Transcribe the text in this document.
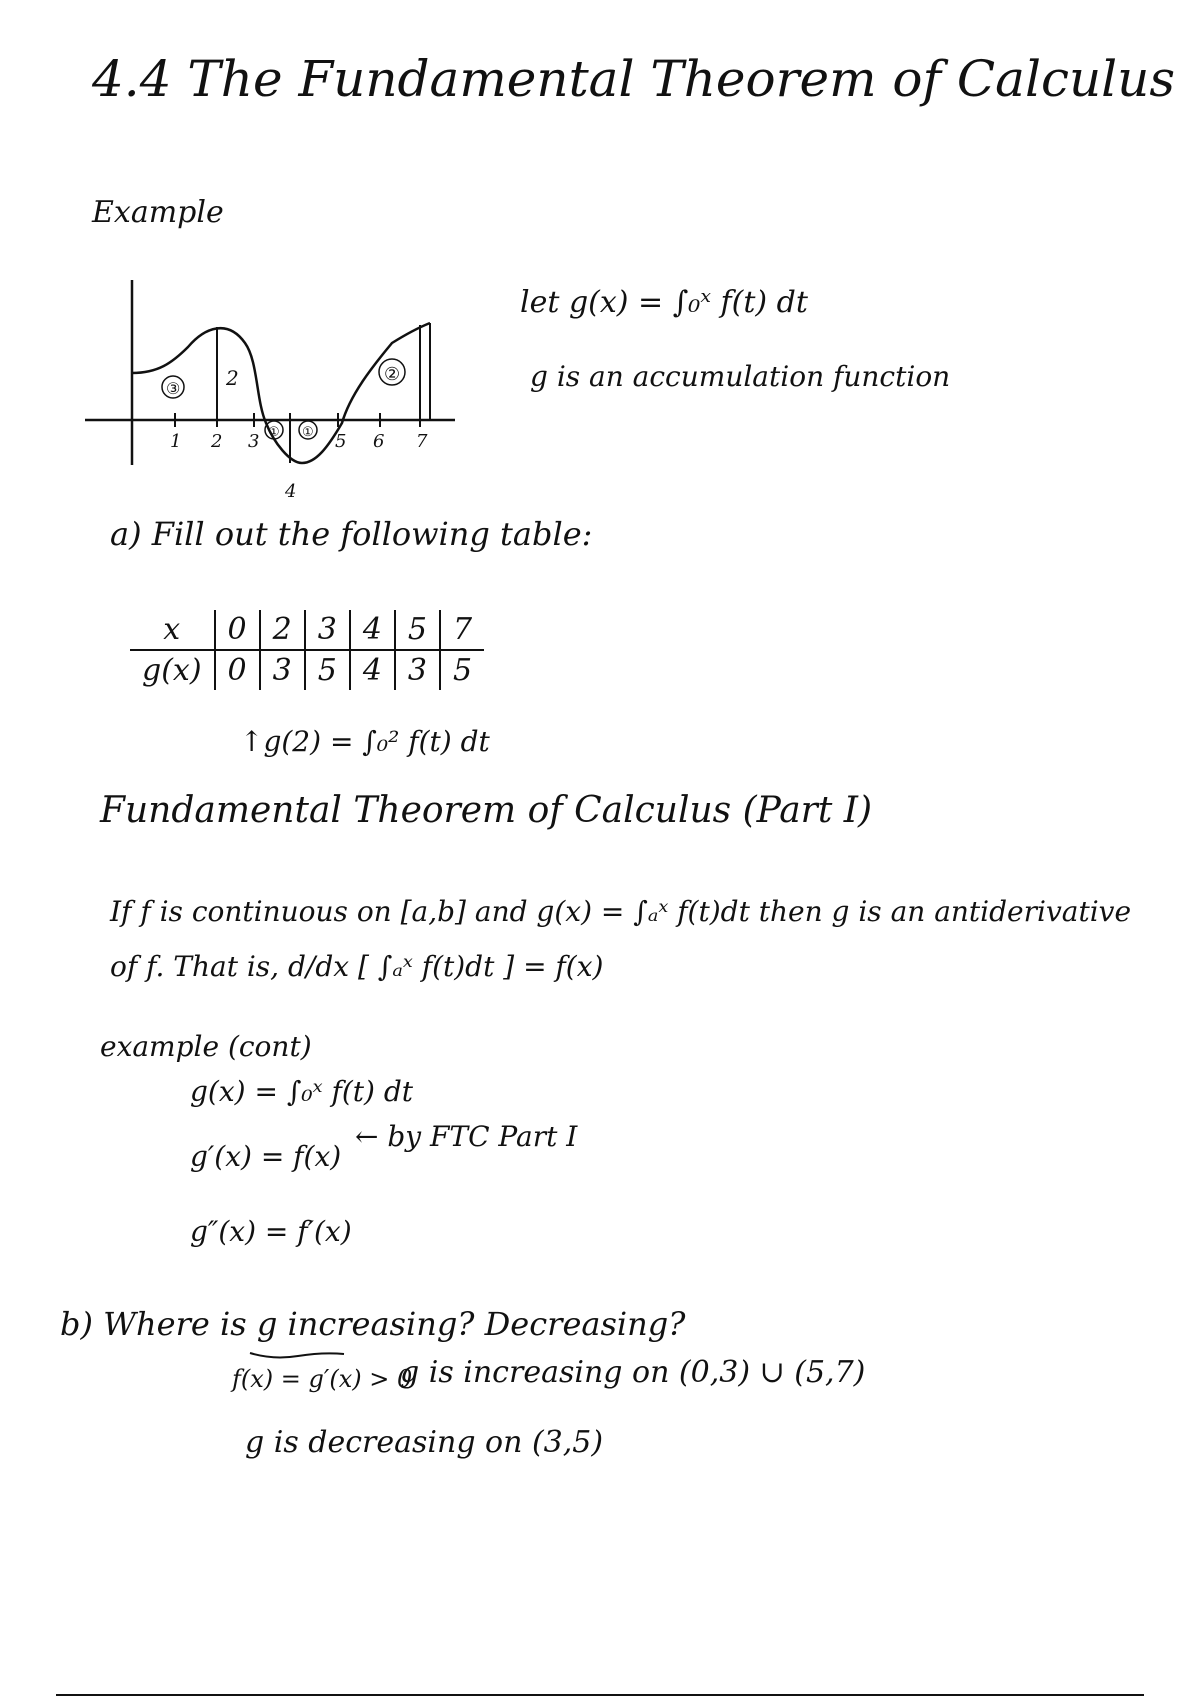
4.4 The Fundamental Theorem of Calculus
Example
③ 2
① ①
②
1 2 3
4
5 6 7
let g(x) = ∫₀ˣ f(t) dt
g is an accumulation function
a) Fill out the following table:
x	0	2	3	4	5	7
g(x)	0	3	5	4	3	5
↑g(2) = ∫₀² f(t) dt
Fundamental Theorem of Calculus (Part I)
If f is continuous on [a,b] and g(x) = ∫ₐˣ f(t)dt then g is an antiderivative
of f. That is, d/dx [ ∫ₐˣ f(t)dt ] = f(x)
example (cont)
g(x) = ∫₀ˣ f(t) dt
g′(x) = f(x)
← by FTC Part I
g″(x) = f′(x)
b) Where is g increasing? Decreasing?
f(x) = g′(x) > 0
g is increasing on (0,3) ∪ (5,7)
g is decreasing on (3,5)
